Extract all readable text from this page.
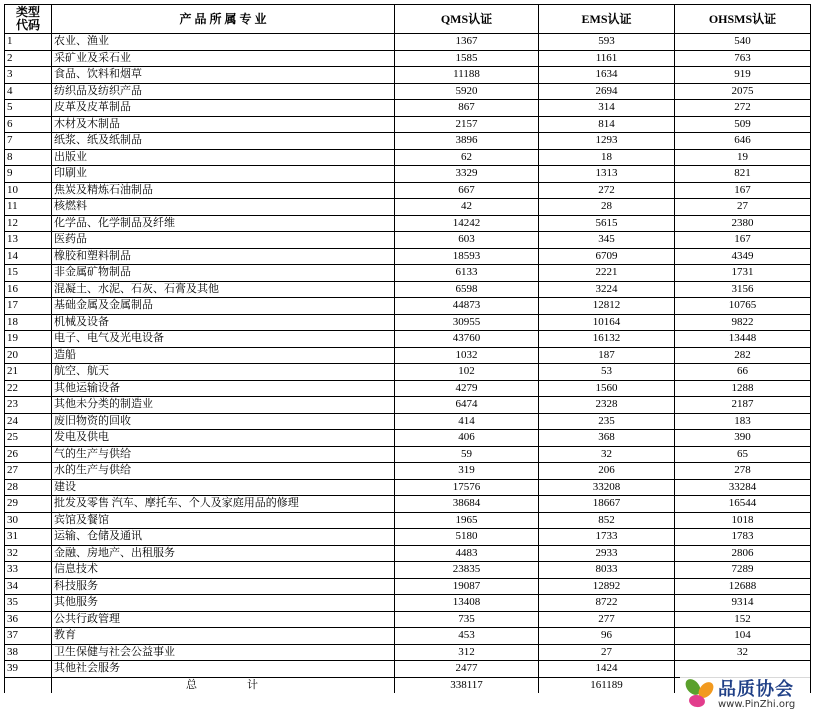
类型
代码	产 品 所 属 专 业	QMS认证	EMS认证	OHSMS认证
1	农业、渔业	1367	593	540
2	采矿业及采石业	1585	1161	763
3	食品、饮料和烟草	11188	1634	919
4	纺织品及纺织产品	5920	2694	2075
5	皮革及皮革制品	867	314	272
6	木材及木制品	2157	814	509
7	纸浆、纸及纸制品	3896	1293	646
8	出版业	62	18	19
9	印刷业	3329	1313	821
10	焦炭及精炼石油制品	667	272	167
11	核燃料	42	28	27
12	化学品、化学制品及纤维	14242	5615	2380
13	医药品	603	345	167
14	橡胶和塑料制品	18593	6709	4349
15	非金属矿物制品	6133	2221	1731
16	混凝土、水泥、石灰、石膏及其他	6598	3224	3156
17	基础金属及金属制品	44873	12812	10765
18	机械及设备	30955	10164	9822
19	电子、电气及光电设备	43760	16132	13448
20	造船	1032	187	282
21	航空、航天	102	53	66
22	其他运输设备	4279	1560	1288
23	其他未分类的制造业	6474	2328	2187
24	废旧物资的回收	414	235	183
25	发电及供电	406	368	390
26	气的生产与供给	59	32	65
27	水的生产与供给	319	206	278
28	建设	17576	33208	33284
29	批发及零售 汽车、摩托车、个人及家庭用品的修理	38684	18667	16544
30	宾馆及餐馆	1965	852	1018
31	运输、仓储及通讯	5180	1733	1783
32	金融、房地产、出租服务	4483	2933	2806
33	信息技术	23835	8033	7289
34	科技服务	19087	12892	12688
35	其他服务	13408	8722	9314
36	公共行政管理	735	277	152
37	教育	453	96	104
38	卫生保健与社会公益事业	312	27	32
39	其他社会服务	2477	1424	
	总 计	338117	161189		品质协会
www.PinZhi.org
